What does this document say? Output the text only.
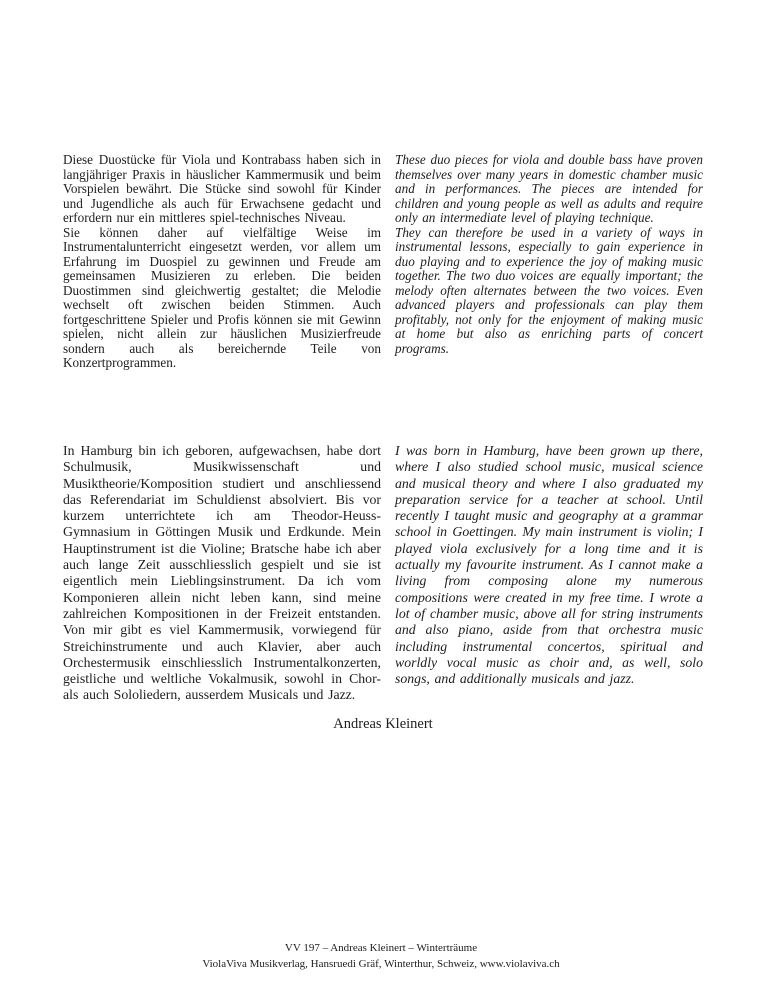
Diese Duostücke für Viola und Kontrabass haben sich in langjähriger Praxis in häuslicher Kammermusik und beim Vorspielen bewährt. Die Stücke sind sowohl für Kinder und Jugendliche als auch für Erwachsene gedacht und erfordern nur ein mittleres spiel-technisches Niveau.

Sie können daher auf vielfältige Weise im Instrumentalunterricht eingesetzt werden, vor allem um Erfahrung im Duospiel zu gewinnen und Freude am gemeinsamen Musizieren zu erleben. Die beiden Duostimmen sind gleichwertig gestaltet; die Melodie wechselt oft zwischen beiden Stimmen. Auch fortgeschrittene Spieler und Profis können sie mit Gewinn spielen, nicht allein zur häuslichen Musizierfreude sondern auch als bereichernde Teile von Konzertprogrammen.

These duo pieces for viola and double bass have proven themselves over many years in domestic chamber music and in performances. The pieces are intended for children and young people as well as adults and require only an intermediate level of playing technique.

They can therefore be used in a variety of ways in instrumental lessons, especially to gain experience in duo playing and to experience the joy of making music together. The two duo voices are equally important; the melody often alternates between the two voices. Even advanced players and professionals can play them profitably, not only for the enjoyment of making music at home but also as enriching parts of concert programs.

In Hamburg bin ich geboren, aufgewachsen, habe dort Schulmusik, Musikwissenschaft und Musiktheorie/Komposition studiert und anschliessend das Referendariat im Schuldienst absolviert. Bis vor kurzem unterrichtete ich am Theodor-Heuss-Gymnasium in Göttingen Musik und Erdkunde. Mein Hauptinstrument ist die Violine; Bratsche habe ich aber auch lange Zeit ausschliesslich gespielt und sie ist eigentlich mein Lieblingsinstrument. Da ich vom Komponieren allein nicht leben kann, sind meine zahlreichen Kompositionen in der Freizeit entstanden. Von mir gibt es viel Kammermusik, vorwiegend für Streichinstrumente und auch Klavier, aber auch Orchestermusik einschliesslich Instrumentalkonzerten, geistliche und weltliche Vokalmusik, sowohl in Chor- als auch Sololiedern, ausserdem Musicals und Jazz.

I was born in Hamburg, have been grown up there, where I also studied school music, musical science and musical theory and where I also graduated my preparation service for a teacher at school. Until recently I taught music and geography at a grammar school in Goettingen. My main instrument is violin; I played viola exclusively for a long time and it is actually my favourite instrument. As I cannot make a living from composing alone my numerous compositions were created in my free time. I wrote a lot of chamber music, above all for string instruments and also piano, aside from that orchestra music including instrumental concertos, spiritual and worldly vocal music as choir and, as well, solo songs, and additionally musicals and jazz.

Andreas Kleinert
VV 197 – Andreas Kleinert – Winterträume
ViolaViva Musikverlag, Hansruedi Gräf, Winterthur, Schweiz, www.violaviva.ch
